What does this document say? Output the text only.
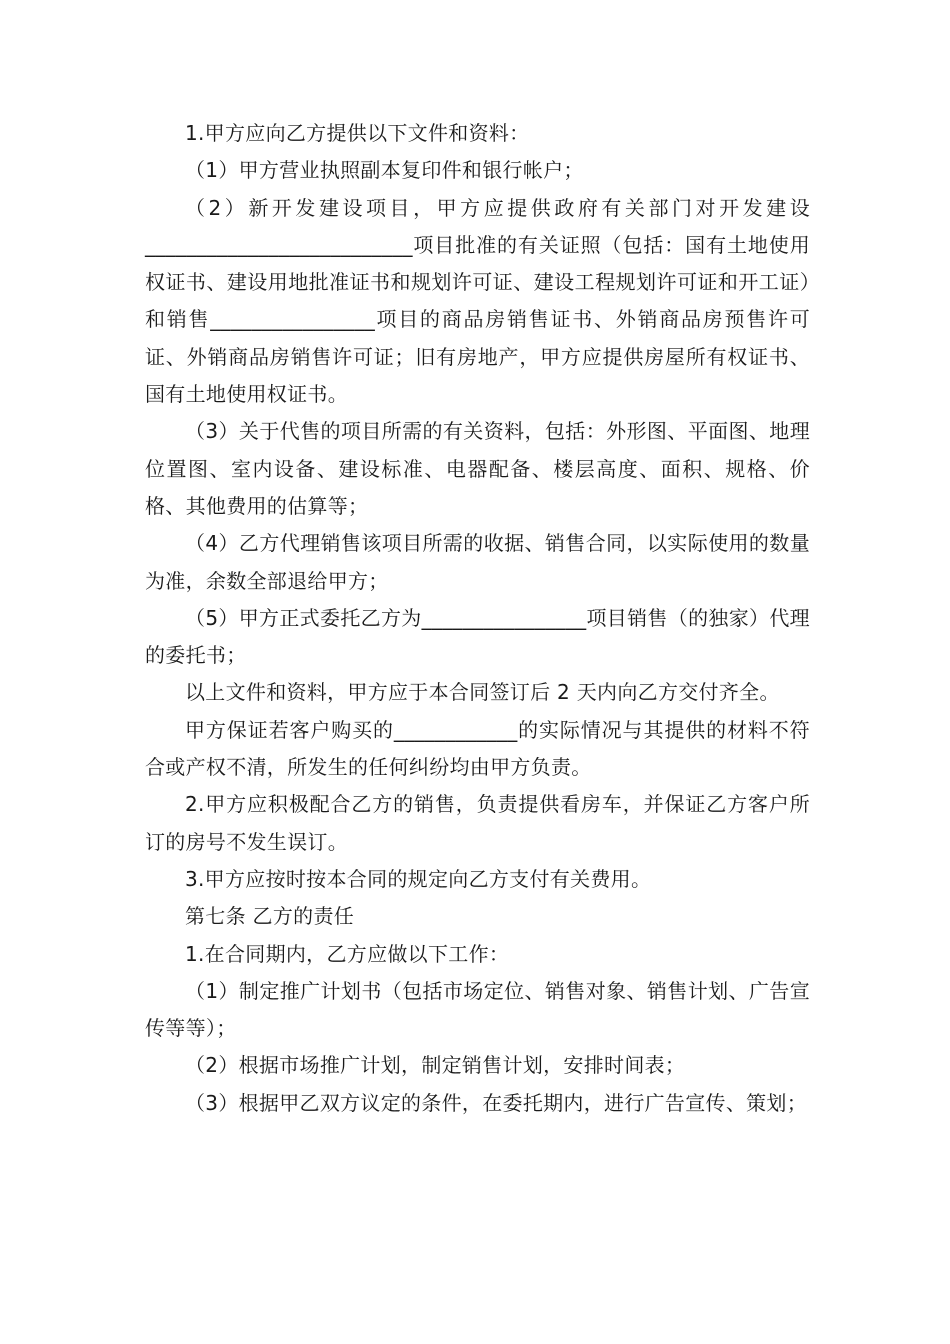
1.甲方应向乙方提供以下文件和资料：

（1）甲方营业执照副本复印件和银行帐户；

（2）新开发建设项目，甲方应提供政府有关部门对开发建设__________________________项目批准的有关证照（包括：国有土地使用权证书、建设用地批准证书和规划许可证、建设工程规划许可证和开工证）和销售________________项目的商品房销售证书、外销商品房预售许可证、外销商品房销售许可证；旧有房地产，甲方应提供房屋所有权证书、国有土地使用权证书。

（3）关于代售的项目所需的有关资料，包括：外形图、平面图、地理位置图、室内设备、建设标准、电器配备、楼层高度、面积、规格、价格、其他费用的估算等；

（4）乙方代理销售该项目所需的收据、销售合同，以实际使用的数量为准，余数全部退给甲方；

（5）甲方正式委托乙方为________________项目销售（的独家）代理的委托书；

以上文件和资料，甲方应于本合同签订后 2 天内向乙方交付齐全。

甲方保证若客户购买的____________的实际情况与其提供的材料不符合或产权不清，所发生的任何纠纷均由甲方负责。

2.甲方应积极配合乙方的销售，负责提供看房车，并保证乙方客户所订的房号不发生误订。

3.甲方应按时按本合同的规定向乙方支付有关费用。

第七条 乙方的责任

1.在合同期内，乙方应做以下工作：

（1）制定推广计划书（包括市场定位、销售对象、销售计划、广告宣传等等）；

（2）根据市场推广计划，制定销售计划，安排时间表；

（3）根据甲乙双方议定的条件，在委托期内，进行广告宣传、策划；
